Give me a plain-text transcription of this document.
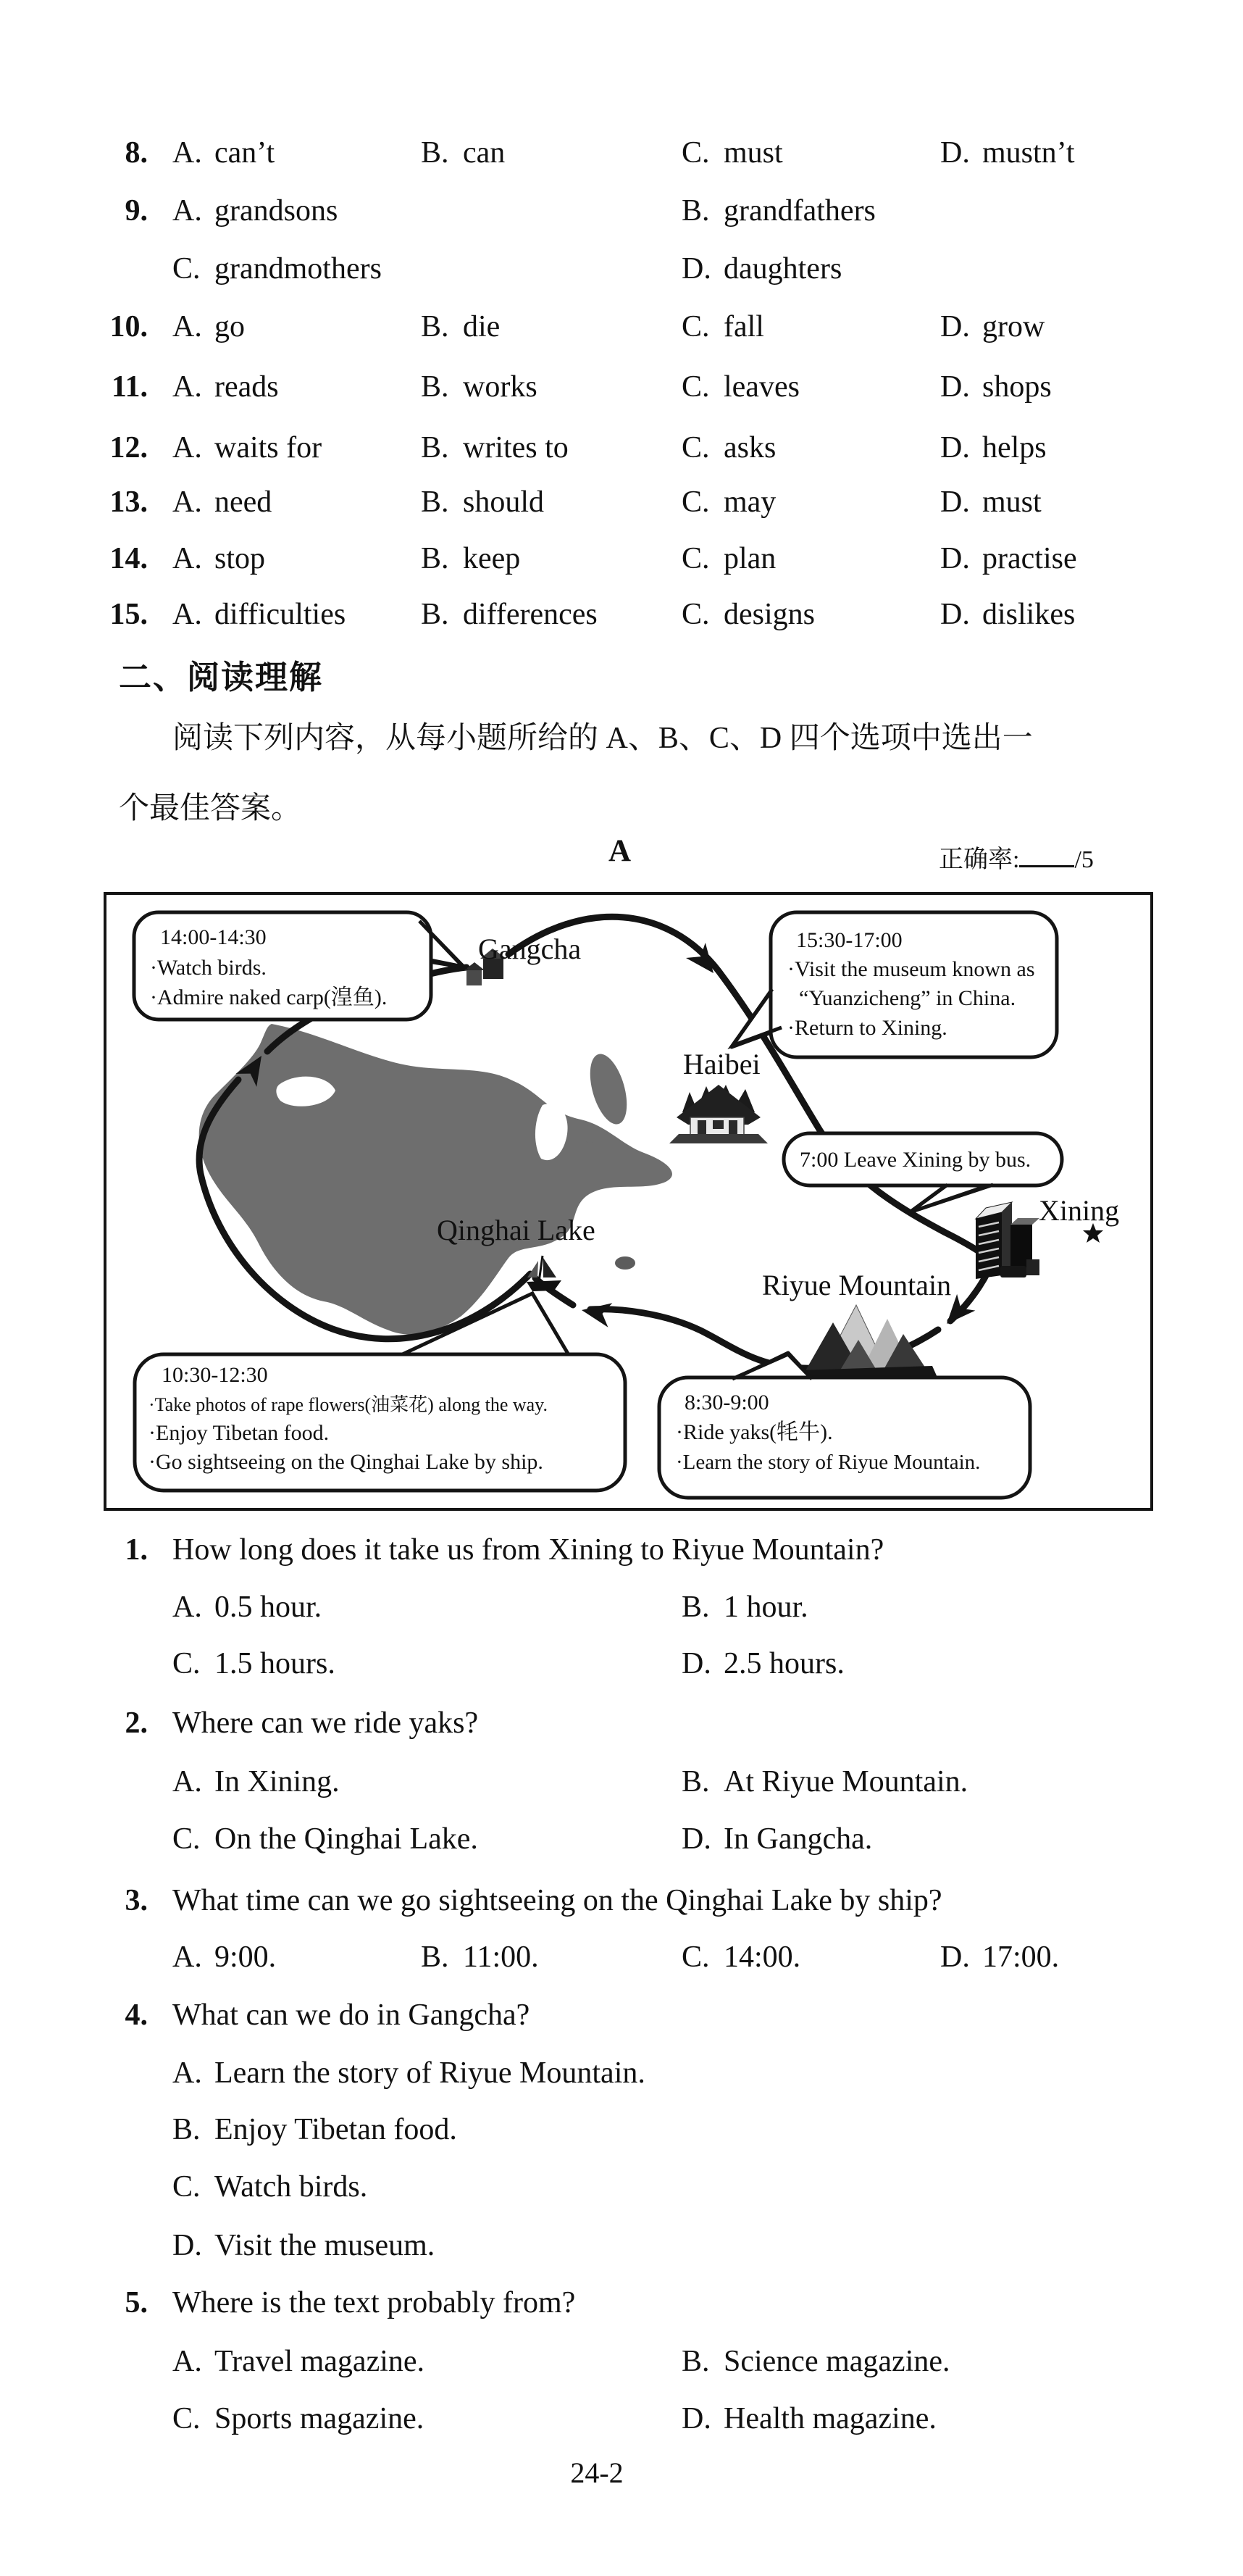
8. A. can’t	B. can	C. must	D. mustn’t
9. A. grandsons	B. grandfathers
C. grandmothers	D. daughters
10. A. go	B. die	C. fall	D. grow
11. A. reads	B. works	C. leaves	D. shops
12. A. waits for	B. writes to	C. asks	D. helps
13. A. need	B. should	C. may	D. must
14. A. stop	B. keep	C. plan	D. practise
15. A. difficulties B. differences	C. designs	D. dislikes
二、阅读理解
阅读下列内容，从每小题所给的 A、B、C、D 四个选项中选出一
个最佳答案。
A	正确率: /5
14:00-14:30
·Watch birds.
·Admire naked carp(湟鱼).
15:30-17:00
·Visit the museum known as
“Yuanzicheng” in China.
·Return to Xining.
7:00 Leave Xining by bus.
10:30-12:30
·Take photos of rape flowers(油菜花) along the way.
·Enjoy Tibetan food.
·Go sightseeing on the Qinghai Lake by ship.
8:30-9:00
·Ride yaks(牦牛).
·Learn the story of Riyue Mountain.
Gangcha
Haibei
Qinghai Lake
Riyue Mountain
Xining
1. How long does it take us from Xining to Riyue Mountain?
A. 0.5 hour.	B. 1 hour.
C. 1.5 hours.	D. 2.5 hours.
2. Where can we ride yaks?
A. In Xining.	B. At Riyue Mountain.
C. On the Qinghai Lake.	D. In Gangcha.
3. What time can we go sightseeing on the Qinghai Lake by ship?
A. 9:00.	B. 11:00.	C. 14:00.	D. 17:00.
4. What can we do in Gangcha?
A. Learn the story of Riyue Mountain.
B. Enjoy Tibetan food.
C. Watch birds.
D. Visit the museum.
5. Where is the text probably from?
A. Travel magazine.	B. Science magazine.
C. Sports magazine.	D. Health magazine.
24-2
